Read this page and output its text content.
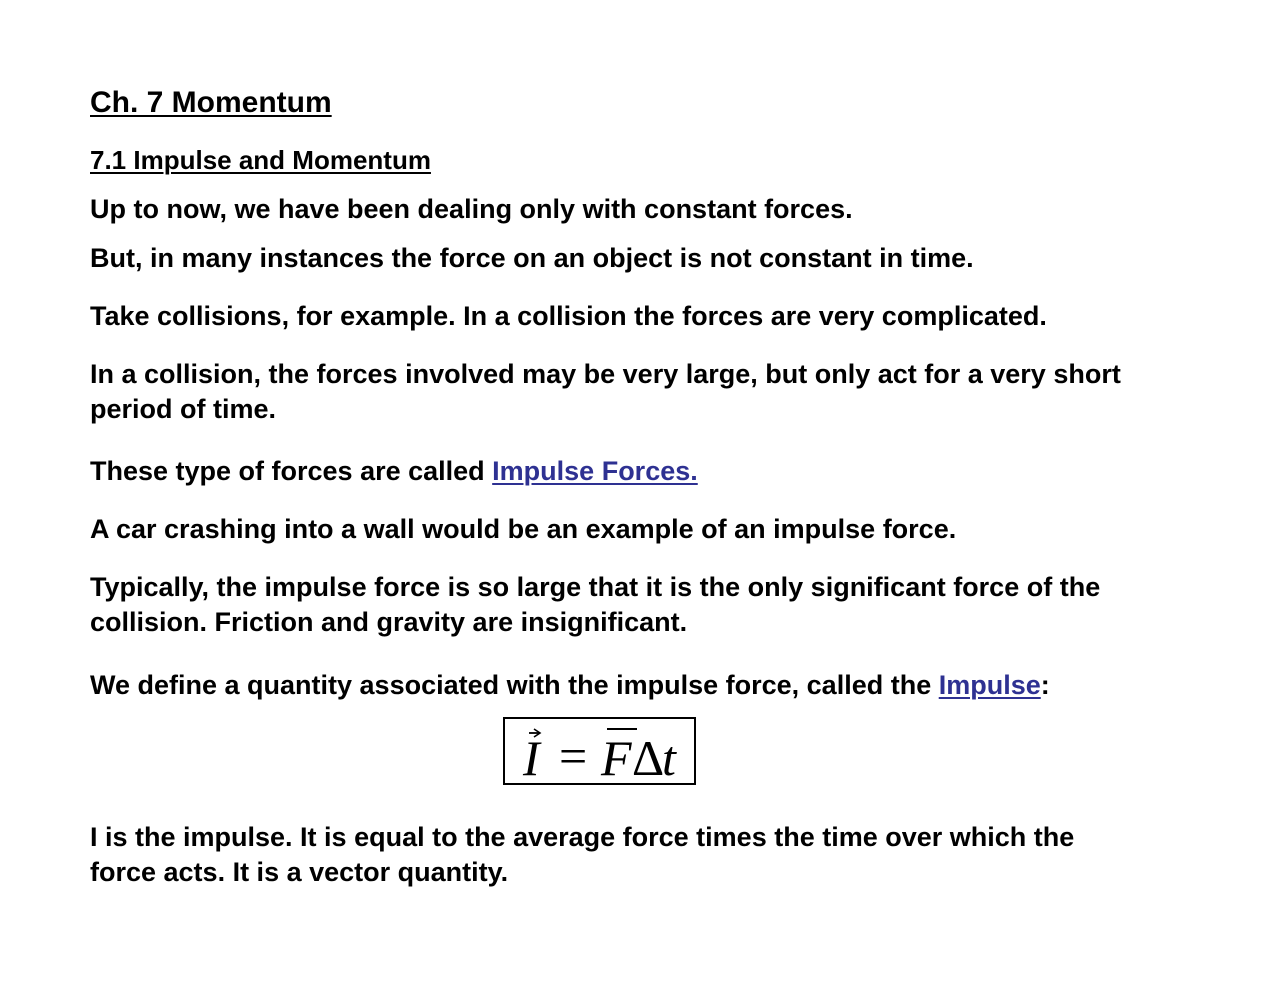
Ch. 7 Momentum
7.1 Impulse and Momentum

Up to now, we have been dealing only with constant forces.

But, in many instances the force on an object is not constant in time.

Take collisions, for example. In a collision the forces are very complicated.

In a collision, the forces involved may be very large, but only act for a very short

period of time.

These type of forces are called Impulse Forces.

A car crashing into a wall would be an example of an impulse force.

Typically, the impulse force is so large that it is the only significant force of the

collision. Friction and gravity are insignificant.

We define a quantity associated with the impulse force, called the Impulse:

I = F Δ
t

I is the impulse. It is equal to the average force times the time over which the

force acts. It is a vector quantity.
